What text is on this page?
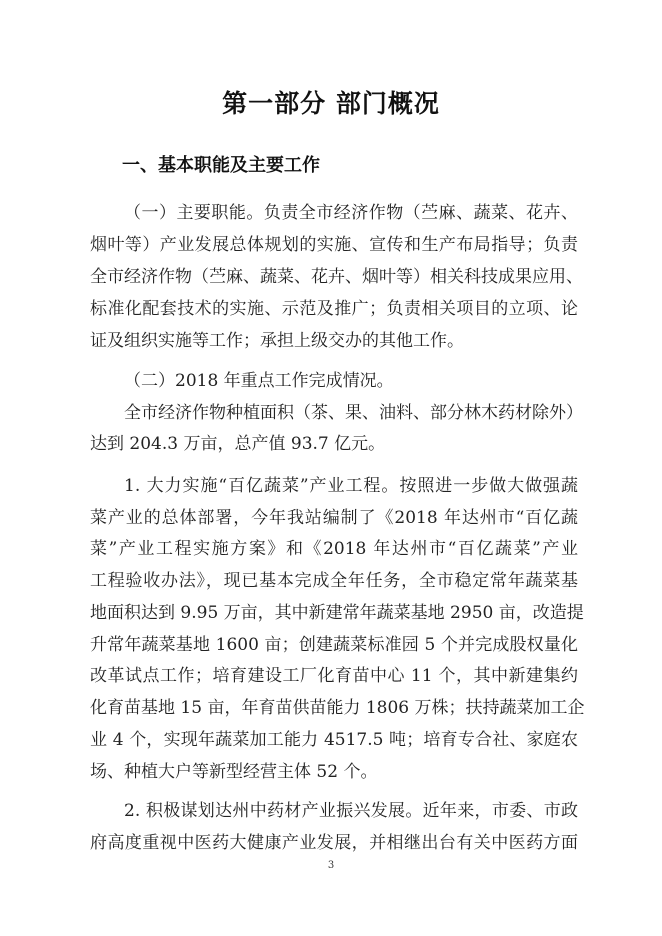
第一部分 部门概况
一、基本职能及主要工作
（一）主要职能。负责全市经济作物（苎麻、蔬菜、花卉、
烟叶等）产业发展总体规划的实施、宣传和生产布局指导；负责
全市经济作物（苎麻、蔬菜、花卉、烟叶等）相关科技成果应用、
标准化配套技术的实施、示范及推广；负责相关项目的立项、论
证及组织实施等工作；承担上级交办的其他工作。
（二）2018 年重点工作完成情况。
全市经济作物种植面积（茶、果、油料、部分林木药材除外）
达到 204.3 万亩，总产值 93.7 亿元。
1. 大力实施“百亿蔬菜”产业工程。按照进一步做大做强蔬
菜产业的总体部署，今年我站编制了《2018 年达州市“百亿蔬
菜”产业工程实施方案》和《2018 年达州市“百亿蔬菜”产业
工程验收办法》，现已基本完成全年任务，全市稳定常年蔬菜基
地面积达到 9.95 万亩，其中新建常年蔬菜基地 2950 亩，改造提
升常年蔬菜基地 1600 亩；创建蔬菜标准园 5 个并完成股权量化
改革试点工作；培育建设工厂化育苗中心 11 个，其中新建集约
化育苗基地 15 亩，年育苗供苗能力 1806 万株；扶持蔬菜加工企
业 4 个，实现年蔬菜加工能力 4517.5 吨；培育专合社、家庭农
场、种植大户等新型经营主体 52 个。
2. 积极谋划达州中药材产业振兴发展。近年来，市委、市政
府高度重视中医药大健康产业发展，并相继出台有关中医药方面
3
